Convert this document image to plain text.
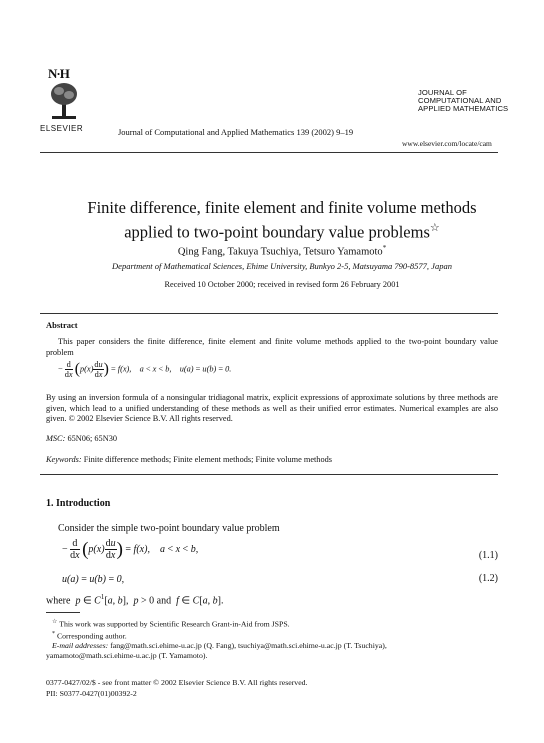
N·H
ELSEVIER	Journal of Computational and Applied Mathematics 139 (2002) 9–19
JOURNAL OF
COMPUTATIONAL AND
APPLIED MATHEMATICS
www.elsevier.com/locate/cam
Finite difference, finite element and finite volume methods
applied to two-point boundary value problems☆
Qing Fang, Takuya Tsuchiya, Tetsuro Yamamoto*
Department of Mathematical Sciences, Ehime University, Bunkyo 2-5, Matsuyama 790-8577, Japan
Received 10 October 2000; received in revised form 26 February 2001
Abstract
This paper considers the finite difference, finite element and finite volume methods applied to the two-point boundary value problem
− $\frac{d}{dx} (p(x) \frac{du}{dx}$ ) = f(x),    a < x < b,    u(a) = u(b) = 0.
By using an inversion formula of a nonsingular tridiagonal matrix, explicit expressions of approximate solutions by three methods are given, which lead to a unified understanding of these methods as well as their unified error estimates. Numerical examples are also given. © 2002 Elsevier Science B.V. All rights reserved.
MSC: 65N06; 65N30
Keywords: Finite difference methods; Finite element methods; Finite volume methods
1. Introduction
Consider the simple two-point boundary value problem
− $\frac{d}{dx} (p(x) \frac{du}{dx}$ ) = f(x),    a < x < b,
(1.1)
u(a) = u(b) = 0,	(1.2)
where p ∈ $C^1[a$, b],  p > 0 and f ∈ C[a, b].
☆ This work was supported by Scientific Research Grant-in-Aid from JSPS.
* Corresponding author.
E-mail addresses: fang@math.sci.ehime-u.ac.jp (Q. Fang), tsuchiya@math.sci.ehime-u.ac.jp (T. Tsuchiya),
yamamoto@math.sci.ehime-u.ac.jp (T. Yamamoto).
0377-0427/02/$ - see front matter © 2002 Elsevier Science B.V. All rights reserved.
PII: S0377-0427(01)00392-2
